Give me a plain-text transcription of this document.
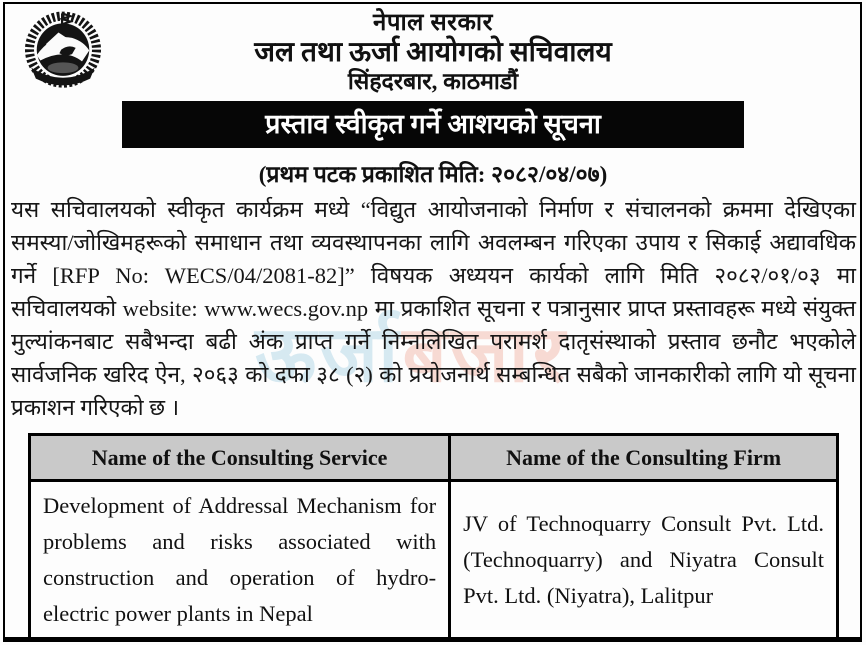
नेपाल सरकार
जल तथा ऊर्जा आयोगको सचिवालय
सिंहदरबार, काठमाडौं
प्रस्ताव स्वीकृत गर्ने आशयको सूचना
(प्रथम पटक प्रकाशित मिति: २०८२/०४/०७)
ऊर्जाबजार
यस सचिवालयको स्वीकृत कार्यक्रम मध्ये “विद्युत आयोजनाको निर्माण र संचालनको क्रममा देखिएका समस्या/जोखिमहरूको समाधान तथा व्यवस्थापनका लागि अवलम्बन गरिएका उपाय र सिकाई अद्यावधिक गर्ने [RFP No: WECS/04/2081-82]” विषयक अध्ययन कार्यको लागि मिति २०८२/०१/०३ मा सचिवालयको website: www.wecs.gov.np मा प्रकाशित सूचना र पत्रानुसार प्राप्त प्रस्तावहरू मध्ये संयुक्त मुल्यांकनबाट सबैभन्दा बढी अंक प्राप्त गर्ने निम्नलिखित परामर्श दातृसंस्थाको प्रस्ताव छनौट भएकोले सार्वजनिक खरिद ऐन, २०६३ को दफा ३८ (२) को प्रयोजनार्थ सम्बन्धित सबैको जानकारीको लागि यो सूचना प्रकाशन गरिएको छ ।
Name of the Consulting Service	Name of the Consulting Firm
Development of Addressal Mechanism for problems and risks associated with construction and operation of hydro-electric power plants in Nepal	JV of Technoquarry Consult Pvt. Ltd. (Technoquarry) and Niyatra Consult Pvt. Ltd. (Niyatra), Lalitpur
